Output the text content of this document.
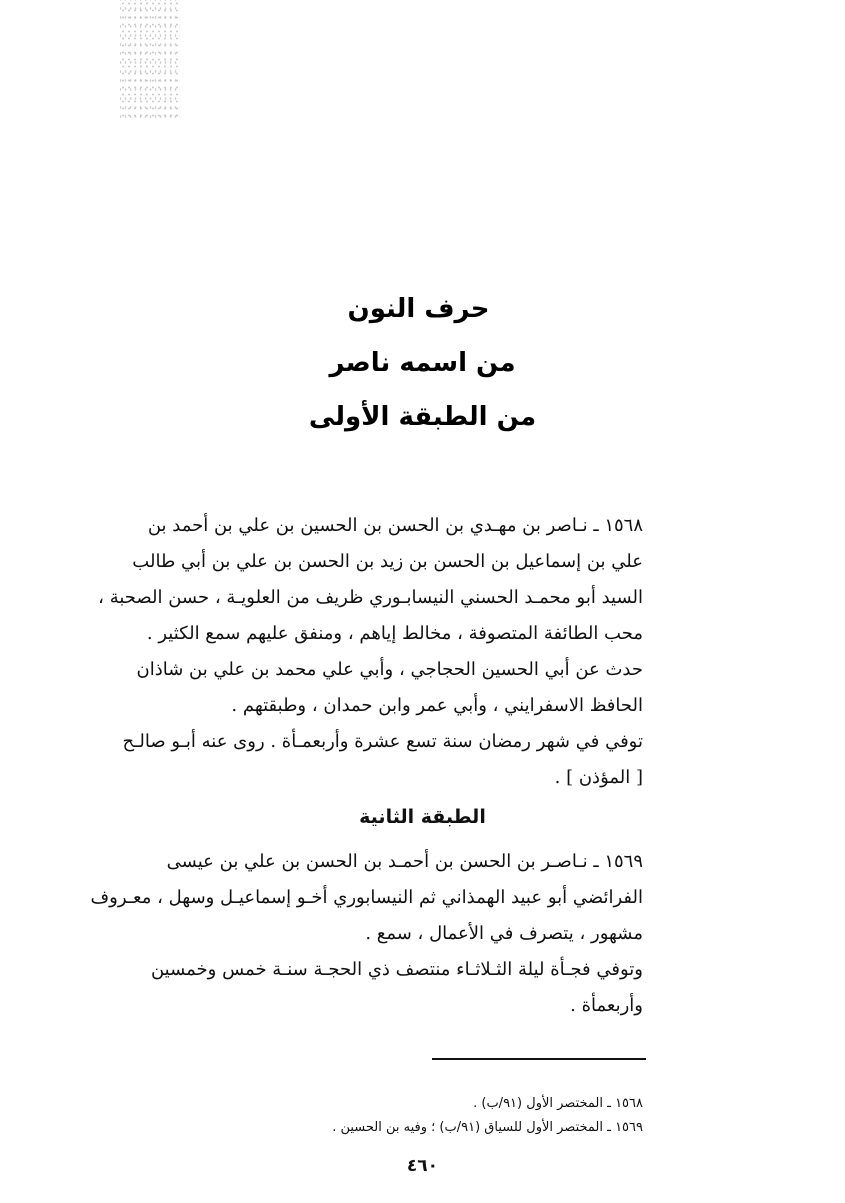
حرف النون
من اسمه ناصر
من الطبقة الأولى
١٥٦٨ ـ نـاصر بن مهـدي بن الحسن بن الحسين بن علي بن أحمد بن
علي بن إسماعيل بن الحسن بن زيد بن الحسن بن علي بن أبي طالب
السيد أبو محمـد الحسني النيسابـوري ظريف من العلويـة ، حسن الصحبة ،
محب الطائفة المتصوفة ، مخالط إياهم ، ومنفق عليهم سمع الكثير .
حدث عن أبي الحسين الحجاجي ، وأبي علي محمد بن علي بن شاذان
الحافظ الاسفرايني ، وأبي عمر وابن حمدان ، وطبقتهم .
توفي في شهر رمضان سنة تسع عشرة وأربعمـأة . روى عنه أبـو صالـح
[ المؤذن ] .
الطبقة الثانية
١٥٦٩ ـ نـاصـر بن الحسن بن أحمـد بن الحسن بن علي بن عيسى
الفرائضي أبو عبيد الهمذاني ثم النيسابوري أخـو إسماعيـل وسهل ، معـروف
مشهور ، يتصرف في الأعمال ، سمع .
وتوفي فجـأة ليلة الثـلاثـاء منتصف ذي الحجـة سنـة خمس وخمسين
وأربعمأة .
١٥٦٨ ـ المختصر الأول (٩١/ب) .
١٥٦٩ ـ المختصر الأول للسياق (٩١/ب) ؛ وفيه بن الحسين .
٤٦٠
